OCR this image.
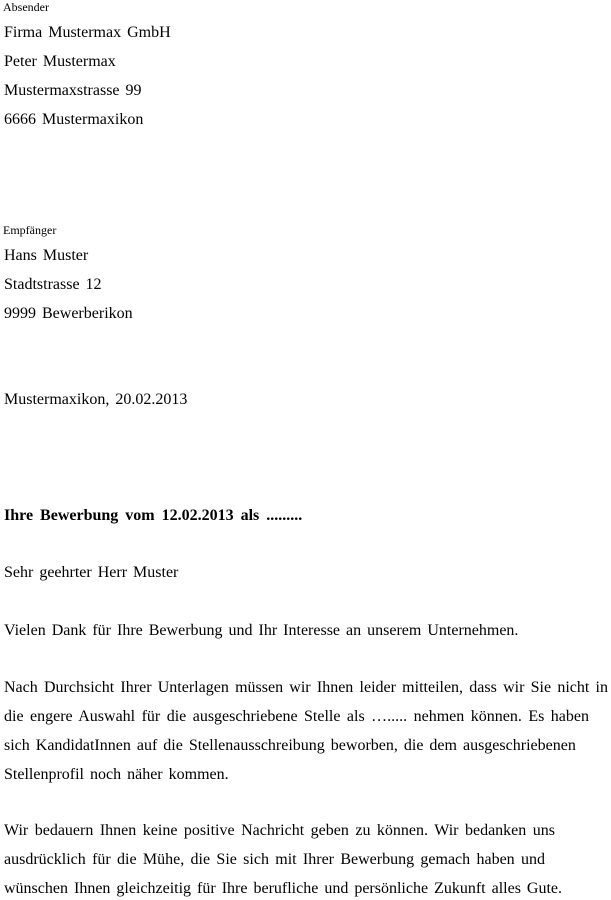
Absender
Firma Mustermax GmbH
Peter Mustermax
Mustermaxstrasse 99
6666 Mustermaxikon
Empfänger
Hans Muster
Stadtstrasse 12
9999 Bewerberikon
Mustermaxikon, 20.02.2013
Ihre Bewerbung vom 12.02.2013 als .........
Sehr geehrter Herr Muster
Vielen Dank für Ihre Bewerbung und Ihr Interesse an unserem Unternehmen.
Nach Durchsicht Ihrer Unterlagen müssen wir Ihnen leider mitteilen, dass wir Sie nicht in
die engere Auswahl für die ausgeschriebene Stelle als …..... nehmen können. Es haben
sich KandidatInnen auf die Stellenausschreibung beworben, die dem ausgeschriebenen
Stellenprofil noch näher kommen.
Wir bedauern Ihnen keine positive Nachricht geben zu können. Wir bedanken uns
ausdrücklich für die Mühe, die Sie sich mit Ihrer Bewerbung gemach haben und
wünschen Ihnen gleichzeitig für Ihre berufliche und persönliche Zukunft alles Gute.
